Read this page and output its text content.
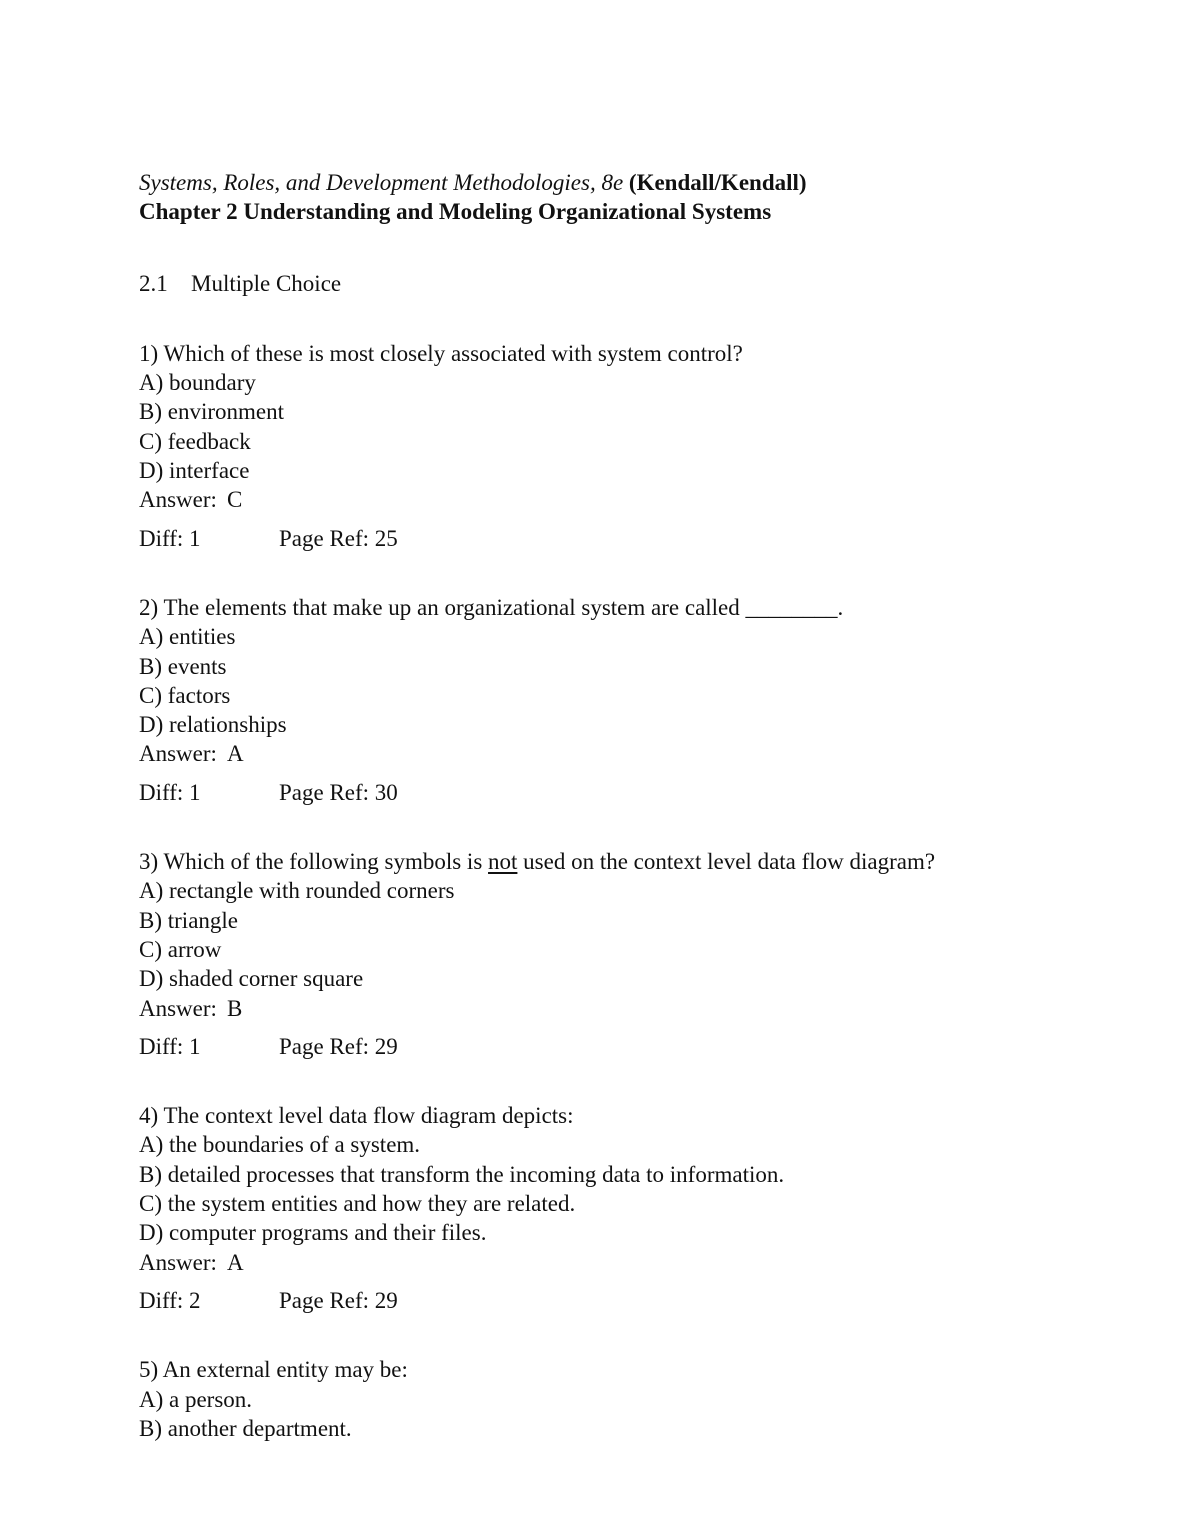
Systems, Roles, and Development Methodologies, 8e (Kendall/Kendall)
Chapter 2 Understanding and Modeling Organizational Systems
2.1 Multiple Choice
1) Which of these is most closely associated with system control?
A) boundary
B) environment
C) feedback
D) interface
Answer: C
Diff: 1	Page Ref: 25
2) The elements that make up an organizational system are called ________.
A) entities
B) events
C) factors
D) relationships
Answer: A
Diff: 1	Page Ref: 30
3) Which of the following symbols is not used on the context level data flow diagram?
A) rectangle with rounded corners
B) triangle
C) arrow
D) shaded corner square
Answer: B
Diff: 1	Page Ref: 29
4) The context level data flow diagram depicts:
A) the boundaries of a system.
B) detailed processes that transform the incoming data to information.
C) the system entities and how they are related.
D) computer programs and their files.
Answer: A
Diff: 2	Page Ref: 29
5) An external entity may be:
A) a person.
B) another department.
